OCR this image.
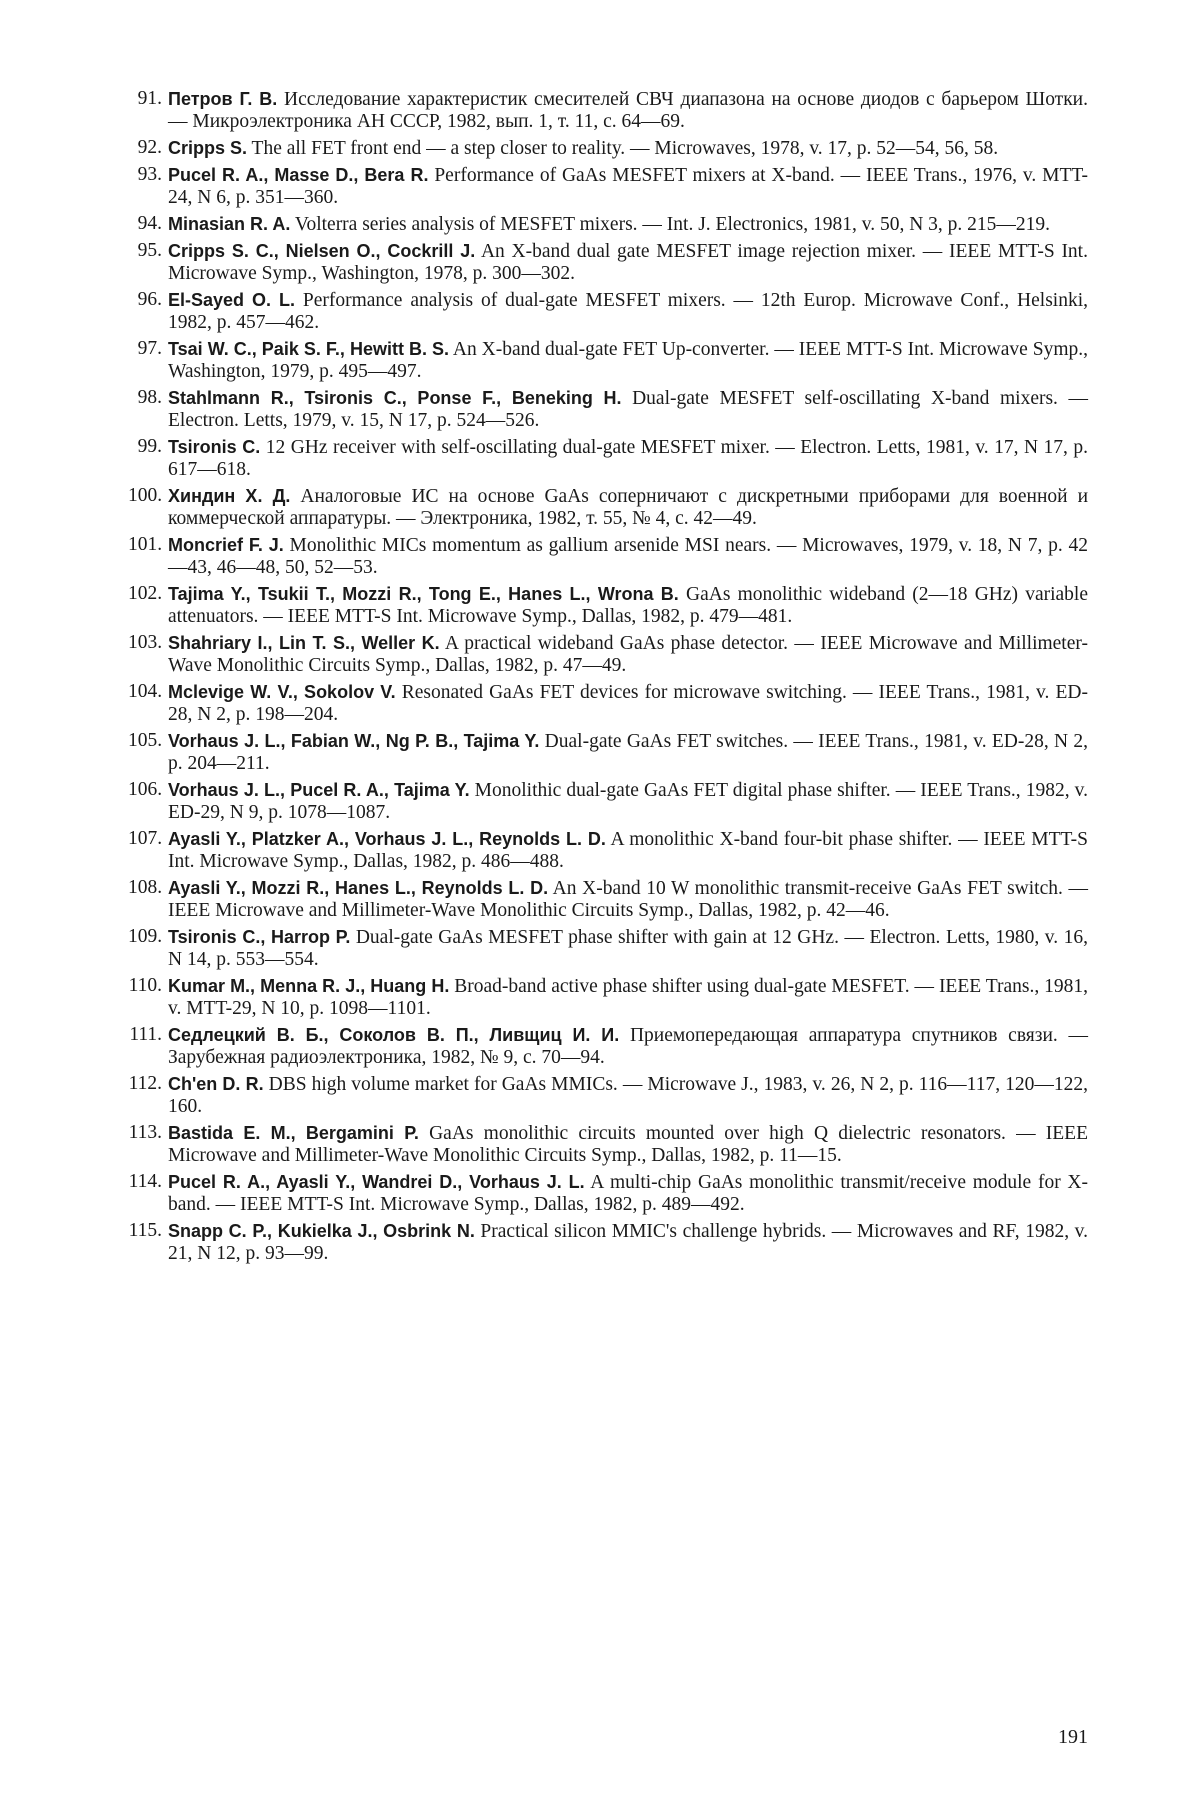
91. Петров Г. В. Исследование характеристик смесителей СВЧ диапазона на основе диодов с барьером Шотки. — Микроэлектроника АН СССР, 1982, вып. 1, т. 11, с. 64—69.
92. Cripps S. The all FET front end — a step closer to reality. — Microwaves, 1978, v. 17, p. 52—54, 56, 58.
93. Pucel R. A., Masse D., Bera R. Performance of GaAs MESFET mixers at X-band. — IEEE Trans., 1976, v. MTT-24, N 6, p. 351—360.
94. Minasian R. A. Volterra series analysis of MESFET mixers. — Int. J. Electronics, 1981, v. 50, N 3, p. 215—219.
95. Cripps S. C., Nielsen O., Cockrill J. An X-band dual gate MESFET image rejection mixer. — IEEE MTT-S Int. Microwave Symp., Washington, 1978, p. 300—302.
96. El-Sayed O. L. Performance analysis of dual-gate MESFET mixers. — 12th Europ. Microwave Conf., Helsinki, 1982, p. 457—462.
97. Tsai W. C., Paik S. F., Hewitt B. S. An X-band dual-gate FET Up-converter. — IEEE MTT-S Int. Microwave Symp., Washington, 1979, p. 495—497.
98. Stahlmann R., Tsironis C., Ponse F., Beneking H. Dual-gate MESFET self-oscillating X-band mixers. — Electron. Letts, 1979, v. 15, N 17, p. 524—526.
99. Tsironis C. 12 GHz receiver with self-oscillating dual-gate MESFET mixer. — Electron. Letts, 1981, v. 17, N 17, p. 617—618.
100. Хиндин X. Д. Аналоговые ИС на основе GaAs соперничают с дискретными приборами для военной и коммерческой аппаратуры. — Электроника, 1982, т. 55, № 4, с. 42—49.
101. Moncrief F. J. Monolithic MICs momentum as gallium arsenide MSI nears. — Microwaves, 1979, v. 18, N 7, p. 42—43, 46—48, 50, 52—53.
102. Tajima Y., Tsukii T., Mozzi R., Tong E., Hanes L., Wrona B. GaAs monolithic wideband (2—18 GHz) variable attenuators. — IEEE MTT-S Int. Microwave Symp., Dallas, 1982, p. 479—481.
103. Shahriary I., Lin T. S., Weller K. A practical wideband GaAs phase detector. — IEEE Microwave and Millimeter-Wave Monolithic Circuits Symp., Dallas, 1982, p. 47—49.
104. Mclevige W. V., Sokolov V. Resonated GaAs FET devices for microwave switching. — IEEE Trans., 1981, v. ED-28, N 2, p. 198—204.
105. Vorhaus J. L., Fabian W., Ng P. B., Tajima Y. Dual-gate GaAs FET switches. — IEEE Trans., 1981, v. ED-28, N 2, p. 204—211.
106. Vorhaus J. L., Pucel R. A., Tajima Y. Monolithic dual-gate GaAs FET digital phase shifter. — IEEE Trans., 1982, v. ED-29, N 9, p. 1078—1087.
107. Ayasli Y., Platzker A., Vorhaus J. L., Reynolds L. D. A monolithic X-band four-bit phase shifter. — IEEE MTT-S Int. Microwave Symp., Dallas, 1982, p. 486—488.
108. Ayasli Y., Mozzi R., Hanes L., Reynolds L. D. An X-band 10 W monolithic transmit-receive GaAs FET switch. — IEEE Microwave and Millimeter-Wave Monolithic Circuits Symp., Dallas, 1982, p. 42—46.
109. Tsironis C., Harrop P. Dual-gate GaAs MESFET phase shifter with gain at 12 GHz. — Electron. Letts, 1980, v. 16, N 14, p. 553—554.
110. Kumar M., Menna R. J., Huang H. Broad-band active phase shifter using dual-gate MESFET. — IEEE Trans., 1981, v. MTT-29, N 10, p. 1098—1101.
111. Седлецкий В. Б., Соколов В. П., Ливщиц И. И. Приемопередающая аппаратура спутников связи. — Зарубежная радиоэлектроника, 1982, № 9, с. 70—94.
112. Ch'en D. R. DBS high volume market for GaAs MMICs. — Microwave J., 1983, v. 26, N 2, p. 116—117, 120—122, 160.
113. Bastida E. M., Bergamini P. GaAs monolithic circuits mounted over high Q dielectric resonators. — IEEE Microwave and Millimeter-Wave Monolithic Circuits Symp., Dallas, 1982, p. 11—15.
114. Pucel R. A., Ayasli Y., Wandrei D., Vorhaus J. L. A multi-chip GaAs monolithic transmit/receive module for X-band. — IEEE MTT-S Int. Microwave Symp., Dallas, 1982, p. 489—492.
115. Snapp C. P., Kukielka J., Osbrink N. Practical silicon MMIC's challenge hybrids. — Microwaves and RF, 1982, v. 21, N 12, p. 93—99.
191
